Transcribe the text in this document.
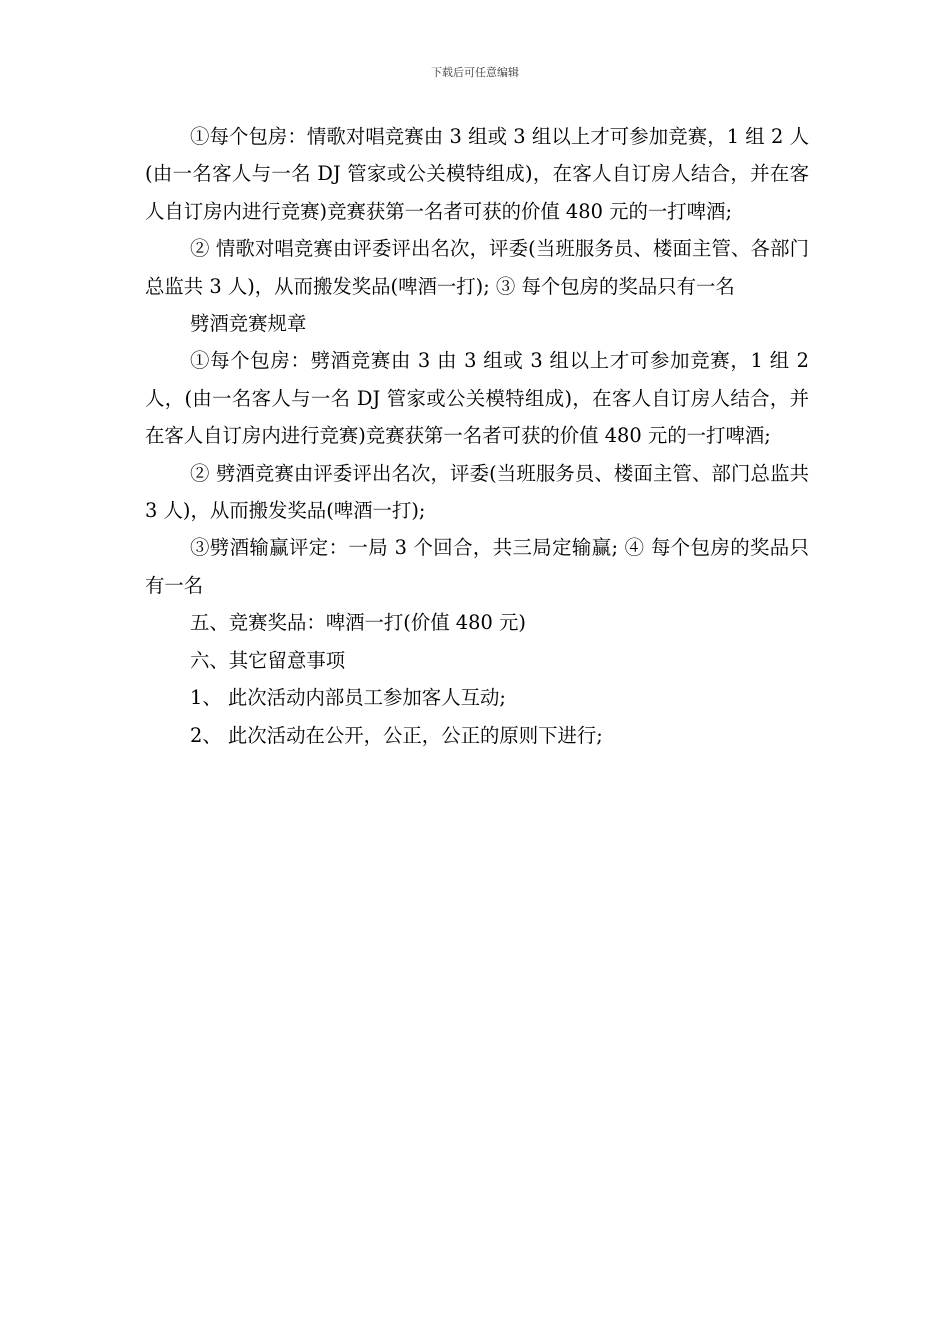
下载后可任意编辑

①每个包房：情歌对唱竞赛由 3 组或 3 组以上才可参加竞赛，1 组 2 人(由一名客人与一名 DJ 管家或公关模特组成)，在客人自订房人结合，并在客人自订房内进行竞赛)竞赛获第一名者可获的价值 480 元的一打啤酒;

② 情歌对唱竞赛由评委评出名次，评委(当班服务员、楼面主管、各部门总监共 3 人)，从而搬发奖品(啤酒一打); ③ 每个包房的奖品只有一名

劈酒竞赛规章

①每个包房：劈酒竞赛由 3 由 3 组或 3 组以上才可参加竞赛，1 组 2 人，(由一名客人与一名 DJ 管家或公关模特组成)，在客人自订房人结合，并在客人自订房内进行竞赛)竞赛获第一名者可获的价值 480 元的一打啤酒;

② 劈酒竞赛由评委评出名次，评委(当班服务员、楼面主管、部门总监共 3 人)，从而搬发奖品(啤酒一打);

③劈酒输赢评定：一局 3 个回合，共三局定输赢; ④ 每个包房的奖品只有一名

五、竞赛奖品：啤酒一打(价值 480 元)

六、其它留意事项

1、 此次活动内部员工参加客人互动;

2、 此次活动在公开，公正，公正的原则下进行;
